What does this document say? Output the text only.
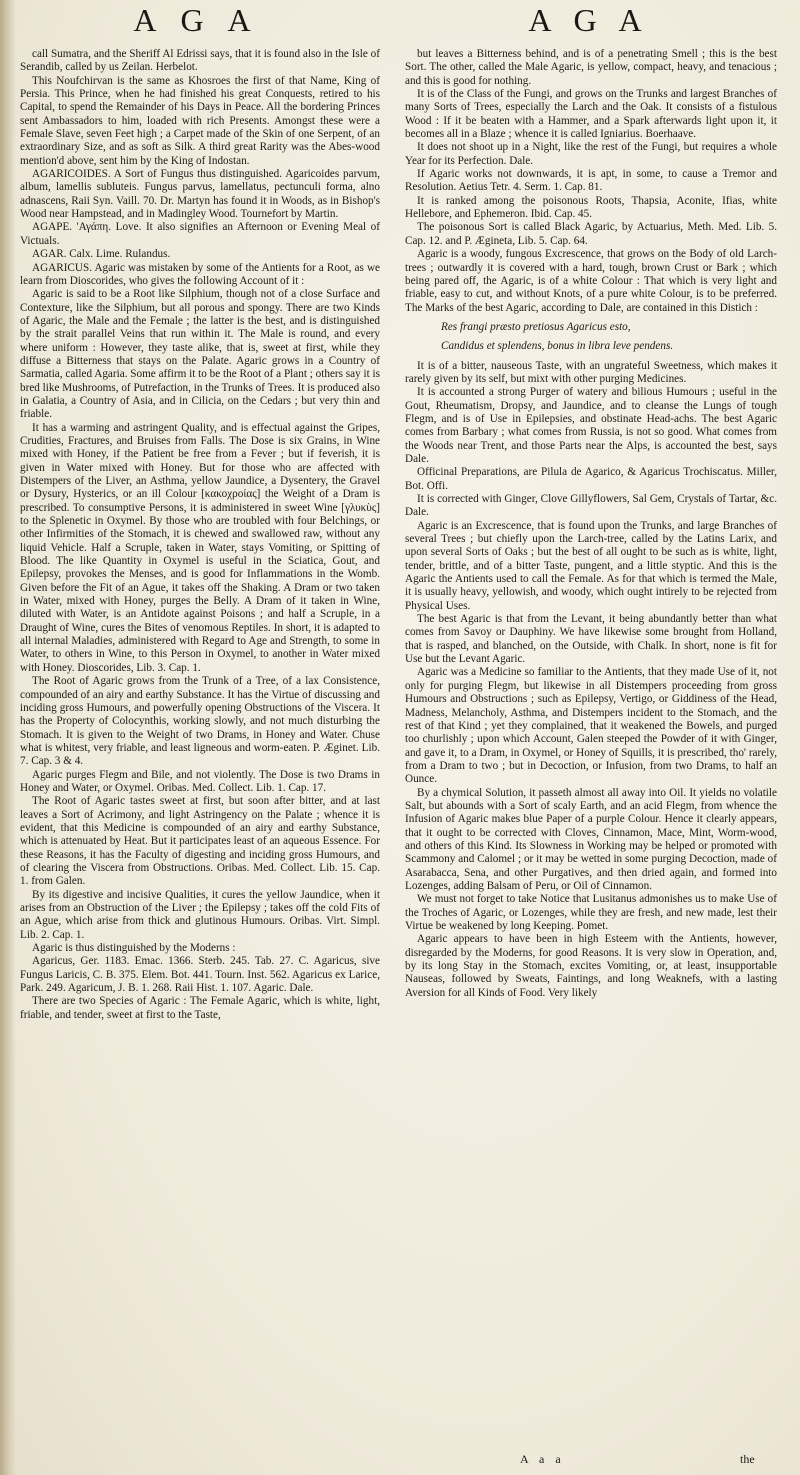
AGA	AGA

call Sumatra, and the Sheriff Al Edrissi says, that it is found also in the Isle of Serandib, called by us Zeilan. Herbelot.

This Noufchirvan is the same as Khosroes the first of that Name, King of Persia. This Prince, when he had finished his great Conquests, retired to his Capital, to spend the Remainder of his Days in Peace. All the bordering Princes sent Ambassadors to him, loaded with rich Presents. Amongst these were a Female Slave, seven Feet high ; a Carpet made of the Skin of one Serpent, of an extraordinary Size, and as soft as Silk. A third great Rarity was the Abes-wood mention'd above, sent him by the King of Indostan.

AGARICOIDES. A Sort of Fungus thus distinguished. Agaricoides parvum, album, lamellis subluteis. Fungus parvus, lamellatus, pectunculi forma, alno adnascens, Raii Syn. Vaill. 70. Dr. Martyn has found it in Woods, as in Bishop's Wood near Hampstead, and in Madingley Wood. Tournefort by Martin.

AGAPE. 'Αγάπη. Love. It also signifies an Afternoon or Evening Meal of Victuals.

AGAR. Calx. Lime. Rulandus.

AGARICUS. Agaric was mistaken by some of the Antients for a Root, as we learn from Dioscorides, who gives the following Account of it :

Agaric is said to be a Root like Silphium, though not of a close Surface and Contexture, like the Silphium, but all porous and spongy. There are two Kinds of Agaric, the Male and the Female ; the latter is the best, and is distinguished by the strait parallel Veins that run within it. The Male is round, and every where uniform : However, they taste alike, that is, sweet at first, while they diffuse a Bitterness that stays on the Palate. Agaric grows in a Country of Sarmatia, called Agaria. Some affirm it to be the Root of a Plant ; others say it is bred like Mushrooms, of Putrefaction, in the Trunks of Trees. It is produced also in Galatia, a Country of Asia, and in Cilicia, on the Cedars ; but very thin and friable.

It has a warming and astringent Quality, and is effectual against the Gripes, Crudities, Fractures, and Bruises from Falls. The Dose is six Grains, in Wine mixed with Honey, if the Patient be free from a Fever ; but if feverish, it is given in Water mixed with Honey. But for those who are affected with Distempers of the Liver, an Asthma, yellow Jaundice, a Dysentery, the Gravel or Dysury, Hysterics, or an ill Colour [κακοχροίας] the Weight of a Dram is prescribed. To consumptive Persons, it is administered in sweet Wine [γλυκὺς] to the Splenetic in Oxymel. By those who are troubled with four Belchings, or other Infirmities of the Stomach, it is chewed and swallowed raw, without any liquid Vehicle. Half a Scruple, taken in Water, stays Vomiting, or Spitting of Blood. The like Quantity in Oxymel is useful in the Sciatica, Gout, and Epilepsy, provokes the Menses, and is good for Inflammations in the Womb. Given before the Fit of an Ague, it takes off the Shaking. A Dram or two taken in Water, mixed with Honey, purges the Belly. A Dram of it taken in Wine, diluted with Water, is an Antidote against Poisons ; and half a Scruple, in a Draught of Wine, cures the Bites of venomous Reptiles. In short, it is adapted to all internal Maladies, administered with Regard to Age and Strength, to some in Water, to others in Wine, to this Person in Oxymel, to another in Water mixed with Honey. Dioscorides, Lib. 3. Cap. 1.

The Root of Agaric grows from the Trunk of a Tree, of a lax Consistence, compounded of an airy and earthy Substance. It has the Virtue of discussing and inciding gross Humours, and powerfully opening Obstructions of the Viscera. It has the Property of Colocynthis, working slowly, and not much disturbing the Stomach. It is given to the Weight of two Drams, in Honey and Water. Chuse what is whitest, very friable, and least ligneous and worm-eaten. P. Æginet. Lib. 7. Cap. 3 & 4.

Agaric purges Flegm and Bile, and not violently. The Dose is two Drams in Honey and Water, or Oxymel. Oribas. Med. Collect. Lib. 1. Cap. 17.

The Root of Agaric tastes sweet at first, but soon after bitter, and at last leaves a Sort of Acrimony, and light Astringency on the Palate ; whence it is evident, that this Medicine is compounded of an airy and earthy Substance, which is attenuated by Heat. But it participates least of an aqueous Essence. For these Reasons, it has the Faculty of digesting and inciding gross Humours, and of clearing the Viscera from Obstructions. Oribas. Med. Collect. Lib. 15. Cap. 1. from Galen.

By its digestive and incisive Qualities, it cures the yellow Jaundice, when it arises from an Obstruction of the Liver ; the Epilepsy ; takes off the cold Fits of an Ague, which arise from thick and glutinous Humours. Oribas. Virt. Simpl. Lib. 2. Cap. 1.

Agaric is thus distinguished by the Moderns :

Agaricus, Ger. 1183. Emac. 1366. Sterb. 245. Tab. 27. C. Agaricus, sive Fungus Laricis, C. B. 375. Elem. Bot. 441. Tourn. Inst. 562. Agaricus ex Larice, Park. 249. Agaricum, J. B. 1. 268. Raii Hist. 1. 107. Agaric. Dale.

There are two Species of Agaric : The Female Agaric, which is white, light, friable, and tender, sweet at first to the Taste,

but leaves a Bitterness behind, and is of a penetrating Smell ; this is the best Sort. The other, called the Male Agaric, is yellow, compact, heavy, and tenacious ; and this is good for nothing.

It is of the Class of the Fungi, and grows on the Trunks and largest Branches of many Sorts of Trees, especially the Larch and the Oak. It consists of a fistulous Wood : If it be beaten with a Hammer, and a Spark afterwards light upon it, it becomes all in a Blaze ; whence it is called Igniarius. Boerhaave.

It does not shoot up in a Night, like the rest of the Fungi, but requires a whole Year for its Perfection. Dale.

If Agaric works not downwards, it is apt, in some, to cause a Tremor and Resolution. Aetius Tetr. 4. Serm. 1. Cap. 81.

It is ranked among the poisonous Roots, Thapsia, Aconite, Ifias, white Hellebore, and Ephemeron. Ibid. Cap. 45.

The poisonous Sort is called Black Agaric, by Actuarius, Meth. Med. Lib. 5. Cap. 12. and P. Ægineta, Lib. 5. Cap. 64.

Agaric is a woody, fungous Excrescence, that grows on the Body of old Larch-trees ; outwardly it is covered with a hard, tough, brown Crust or Bark ; which being pared off, the Agaric, is of a white Colour : That which is very light and friable, easy to cut, and without Knots, of a pure white Colour, is to be preferred. The Marks of the best Agaric, according to Dale, are contained in this Distich :

Res frangi præsto pretiosus Agaricus esto,

Candidus et splendens, bonus in libra leve pendens.

It is of a bitter, nauseous Taste, with an ungrateful Sweetness, which makes it rarely given by its self, but mixt with other purging Medicines.

It is accounted a strong Purger of watery and bilious Humours ; useful in the Gout, Rheumatism, Dropsy, and Jaundice, and to cleanse the Lungs of tough Flegm, and is of Use in Epilepsies, and obstinate Head-achs. The best Agaric comes from Barbary ; what comes from Russia, is not so good. What comes from the Woods near Trent, and those Parts near the Alps, is accounted the best, says Dale.

Officinal Preparations, are Pilula de Agarico, & Agaricus Trochiscatus. Miller, Bot. Offi.

It is corrected with Ginger, Clove Gillyflowers, Sal Gem, Crystals of Tartar, &c. Dale.

Agaric is an Excrescence, that is found upon the Trunks, and large Branches of several Trees ; but chiefly upon the Larch-tree, called by the Latins Larix, and upon several Sorts of Oaks ; but the best of all ought to be such as is white, light, tender, brittle, and of a bitter Taste, pungent, and a little styptic. And this is the Agaric the Antients used to call the Female. As for that which is termed the Male, it is usually heavy, yellowish, and woody, which ought intirely to be rejected from Physical Uses.

The best Agaric is that from the Levant, it being abundantly better than what comes from Savoy or Dauphiny. We have likewise some brought from Holland, that is rasped, and blanched, on the Outside, with Chalk. In short, none is fit for Use but the Levant Agaric.

Agaric was a Medicine so familiar to the Antients, that they made Use of it, not only for purging Flegm, but likewise in all Distempers proceeding from gross Humours and Obstructions ; such as Epilepsy, Vertigo, or Giddiness of the Head, Madness, Melancholy, Asthma, and Distempers incident to the Stomach, and the rest of that Kind ; yet they complained, that it weakened the Bowels, and purged too churlishly ; upon which Account, Galen steeped the Powder of it with Ginger, and gave it, to a Dram, in Oxymel, or Honey of Squills, it is prescribed, tho' rarely, from a Dram to two ; but in Decoction, or Infusion, from two Drams, to half an Ounce.

By a chymical Solution, it passeth almost all away into Oil. It yields no volatile Salt, but abounds with a Sort of scaly Earth, and an acid Flegm, from whence the Infusion of Agaric makes blue Paper of a purple Colour. Hence it clearly appears, that it ought to be corrected with Cloves, Cinnamon, Mace, Mint, Worm-wood, and others of this Kind. Its Slowness in Working may be helped or promoted with Scammony and Calomel ; or it may be wetted in some purging Decoction, made of Asarabacca, Sena, and other Purgatives, and then dried again, and formed into Lozenges, adding Balsam of Peru, or Oil of Cinnamon.

We must not forget to take Notice that Lusitanus admonishes us to make Use of the Troches of Agaric, or Lozenges, while they are fresh, and new made, lest their Virtue be weakened by long Keeping. Pomet.

Agaric appears to have been in high Esteem with the Antients, however, disregarded by the Moderns, for good Reasons. It is very slow in Operation, and, by its long Stay in the Stomach, excites Vomiting, or, at least, insupportable Nauseas, followed by Sweats, Faintings, and long Weaknefs, with a lasting Aversion for all Kinds of Food. Very likely

A a a	the
